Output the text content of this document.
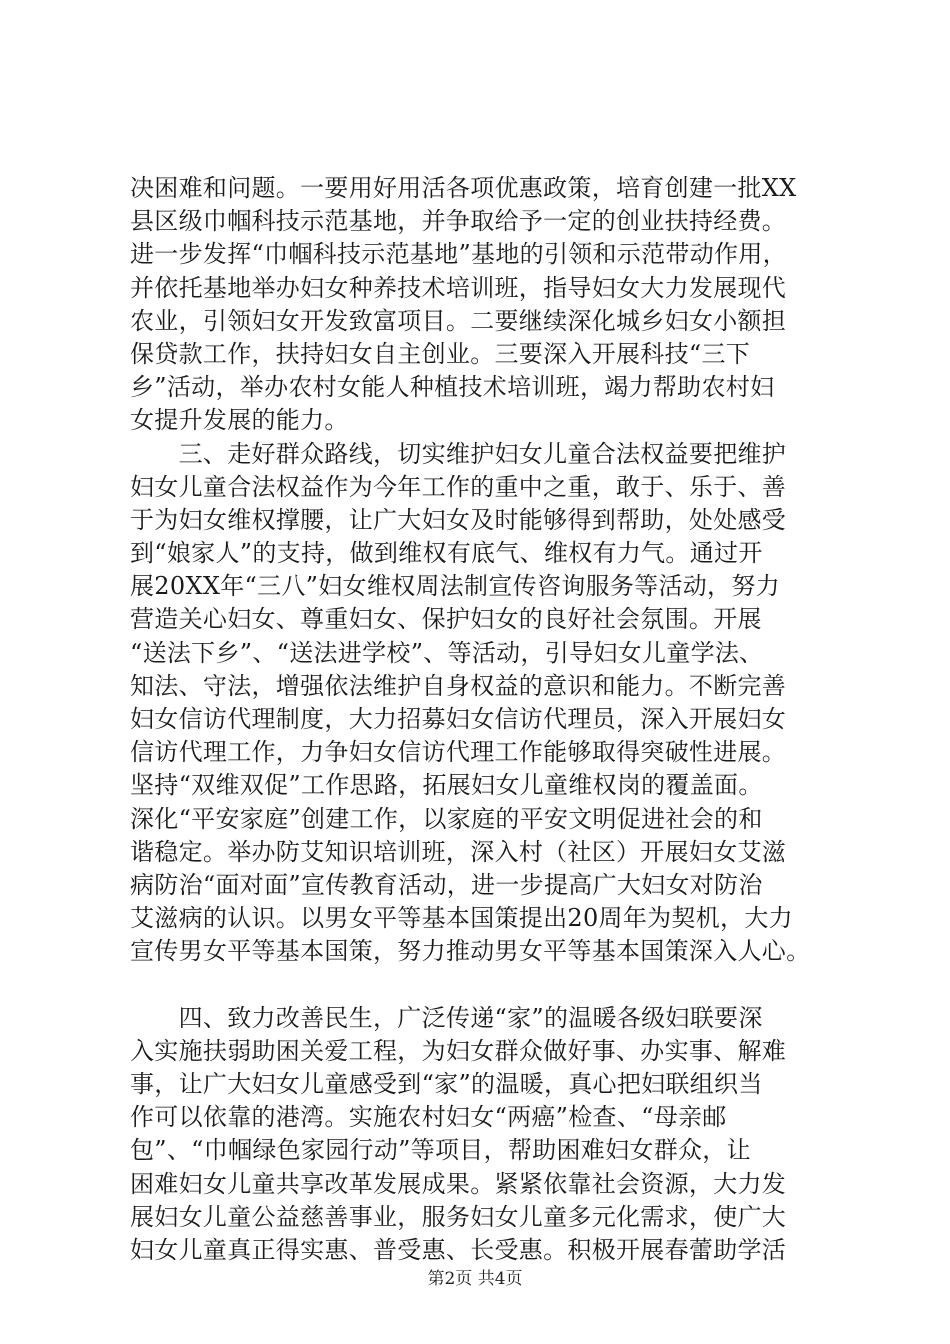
决困难和问题。一要用好用活各项优惠政策，培育创建一批XX
县区级巾帼科技示范基地，并争取给予一定的创业扶持经费。
进一步发挥“巾帼科技示范基地”基地的引领和示范带动作用，
并依托基地举办妇女种养技术培训班，指导妇女大力发展现代
农业，引领妇女开发致富项目。二要继续深化城乡妇女小额担
保贷款工作，扶持妇女自主创业。三要深入开展科技“三下
乡”活动，举办农村女能人种植技术培训班，竭力帮助农村妇
女提升发展的能力。
　　三、走好群众路线，切实维护妇女儿童合法权益要把维护
妇女儿童合法权益作为今年工作的重中之重，敢于、乐于、善
于为妇女维权撑腰，让广大妇女及时能够得到帮助，处处感受
到“娘家人”的支持，做到维权有底气、维权有力气。通过开
展20XX年“三八”妇女维权周法制宣传咨询服务等活动，努力
营造关心妇女、尊重妇女、保护妇女的良好社会氛围。开展
“送法下乡”、“送法进学校”、等活动，引导妇女儿童学法、
知法、守法，增强依法维护自身权益的意识和能力。不断完善
妇女信访代理制度，大力招募妇女信访代理员，深入开展妇女
信访代理工作，力争妇女信访代理工作能够取得突破性进展。
坚持“双维双促”工作思路，拓展妇女儿童维权岗的覆盖面。
深化“平安家庭”创建工作，以家庭的平安文明促进社会的和
谐稳定。举办防艾知识培训班，深入村（社区）开展妇女艾滋
病防治“面对面”宣传教育活动，进一步提高广大妇女对防治
艾滋病的认识。以男女平等基本国策提出20周年为契机，大力
宣传男女平等基本国策，努力推动男女平等基本国策深入人心。
　　四、致力改善民生，广泛传递“家”的温暖各级妇联要深
入实施扶弱助困关爱工程，为妇女群众做好事、办实事、解难
事，让广大妇女儿童感受到“家”的温暖，真心把妇联组织当
作可以依靠的港湾。实施农村妇女“两癌”检查、“母亲邮
包”、“巾帼绿色家园行动”等项目，帮助困难妇女群众，让
困难妇女儿童共享改革发展成果。紧紧依靠社会资源，大力发
展妇女儿童公益慈善事业，服务妇女儿童多元化需求，使广大
妇女儿童真正得实惠、普受惠、长受惠。积极开展春蕾助学活
第2页 共4页
